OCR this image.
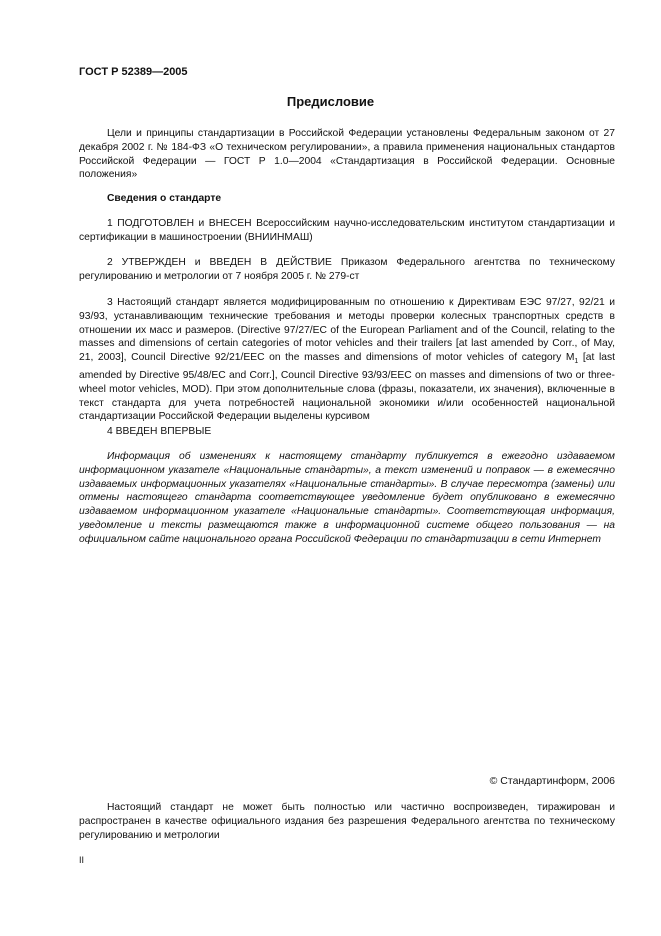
ГОСТ Р 52389—2005
Предисловие

Цели и принципы стандартизации в Российской Федерации установлены Федеральным законом от 27 декабря 2002 г. № 184-ФЗ «О техническом регулировании», а правила применения национальных стандартов Российской Федерации — ГОСТ Р 1.0—2004 «Стандартизация в Российской Федерации. Основные положения»

Сведения о стандарте

1 ПОДГОТОВЛЕН и ВНЕСЕН Всероссийским научно-исследовательским институтом стандартизации и сертификации в машиностроении (ВНИИНМАШ)

2 УТВЕРЖДЕН и ВВЕДЕН В ДЕЙСТВИЕ Приказом Федерального агентства по техническому регулированию и метрологии от 7 ноября 2005 г. № 279-ст

3 Настоящий стандарт является модифицированным по отношению к Директивам ЕЭС 97/27, 92/21 и 93/93, устанавливающим технические требования и методы проверки колесных транспортных средств в отношении их масс и размеров. (Directive 97/27/EC of the European Parliament and of the Council, relating to the masses and dimensions of certain categories of motor vehicles and their trailers [at last amended by Corr., of May, 21, 2003], Council Directive 92/21/EEC on the masses and dimensions of motor vehicles of category $M_1$ [at last amended by Directive 95/48/EC and Corr.], Council Directive 93/93/EEC on masses and dimensions of two or three-wheel motor vehicles, MOD). При этом дополнительные слова (фразы, показатели, их значения), включенные в текст стандарта для учета потребностей национальной экономики и/или особенностей национальной стандартизации Российской Федерации выделены курсивом

4 ВВЕДЕН ВПЕРВЫЕ

Информация об изменениях к настоящему стандарту публикуется в ежегодно издаваемом информационном указателе «Национальные стандарты», а текст изменений и поправок — в ежемесячно издаваемых информационных указателях «Национальные стандарты». В случае пересмотра (замены) или отмены настоящего стандарта соответствующее уведомление будет опубликовано в ежемесячно издаваемом информационном указателе «Национальные стандарты». Соответствующая информация, уведомление и тексты размещаются также в информационной системе общего пользования — на официальном сайте национального органа Российской Федерации по стандартизации в сети Интернет

© Стандартинформ, 2006

Настоящий стандарт не может быть полностью или частично воспроизведен, тиражирован и распространен в качестве официального издания без разрешения Федерального агентства по техническому регулированию и метрологии

II
